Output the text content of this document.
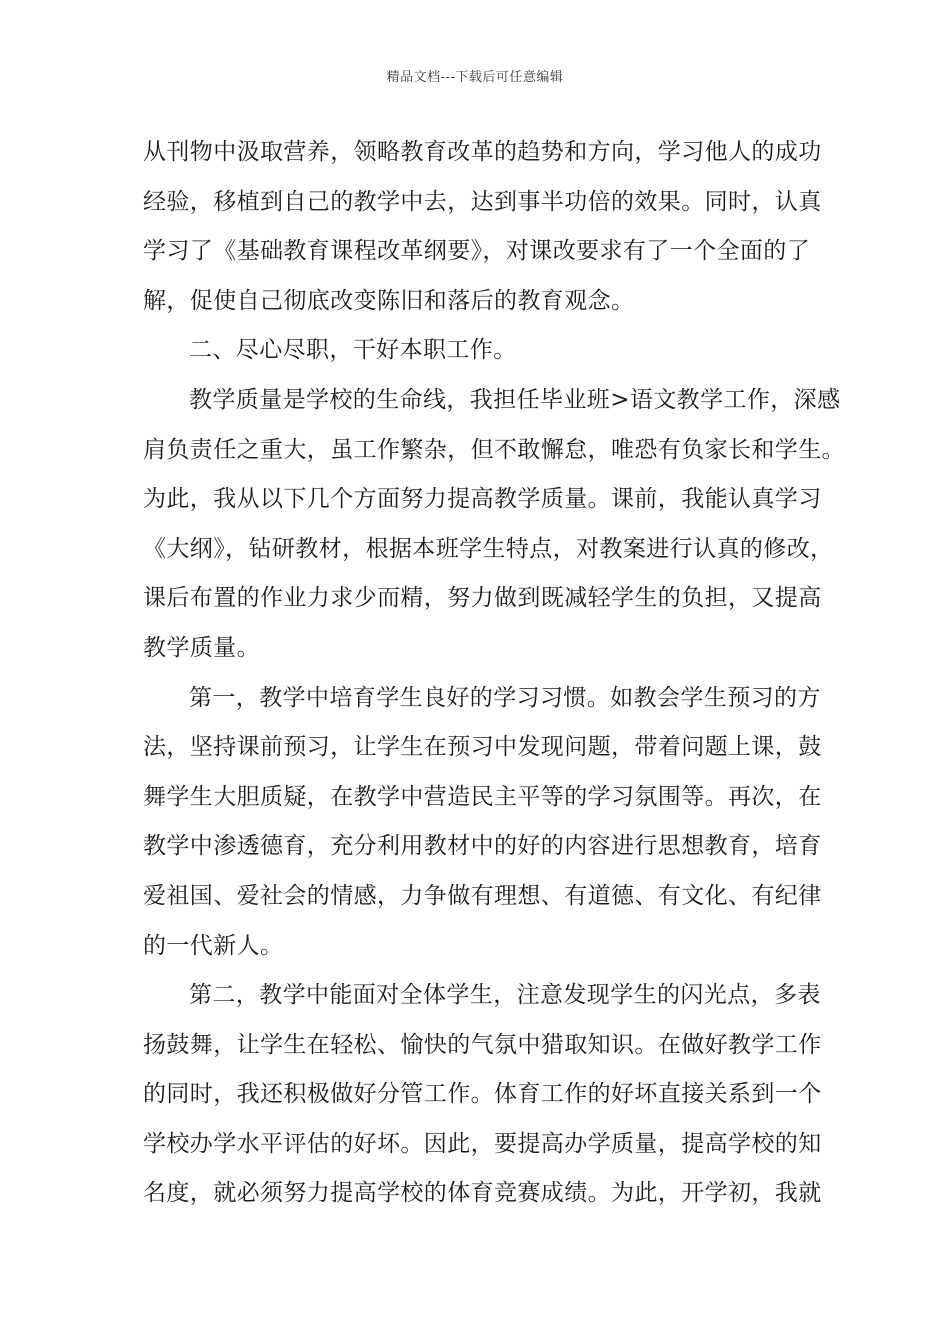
精品文档---下载后可任意编辑
从刊物中汲取营养，领略教育改革的趋势和方向，学习他人的成功
经验，移植到自己的教学中去，达到事半功倍的效果。同时，认真
学习了《基础教育课程改革纲要》，对课改要求有了一个全面的了
解，促使自己彻底改变陈旧和落后的教育观念。
二、尽心尽职，干好本职工作。
教学质量是学校的生命线，我担任毕业班>语文教学工作，深感
肩负责任之重大，虽工作繁杂，但不敢懈怠，唯恐有负家长和学生。
为此，我从以下几个方面努力提高教学质量。课前，我能认真学习
《大纲》，钻研教材，根据本班学生特点，对教案进行认真的修改，
课后布置的作业力求少而精，努力做到既减轻学生的负担，又提高
教学质量。
第一，教学中培育学生良好的学习习惯。如教会学生预习的方
法，坚持课前预习，让学生在预习中发现问题，带着问题上课，鼓
舞学生大胆质疑，在教学中营造民主平等的学习氛围等。再次，在
教学中渗透德育，充分利用教材中的好的内容进行思想教育，培育
爱祖国、爱社会的情感，力争做有理想、有道德、有文化、有纪律
的一代新人。
第二，教学中能面对全体学生，注意发现学生的闪光点，多表
扬鼓舞，让学生在轻松、愉快的气氛中猎取知识。在做好教学工作
的同时，我还积极做好分管工作。体育工作的好坏直接关系到一个
学校办学水平评估的好坏。因此，要提高办学质量，提高学校的知
名度，就必须努力提高学校的体育竞赛成绩。为此，开学初，我就
